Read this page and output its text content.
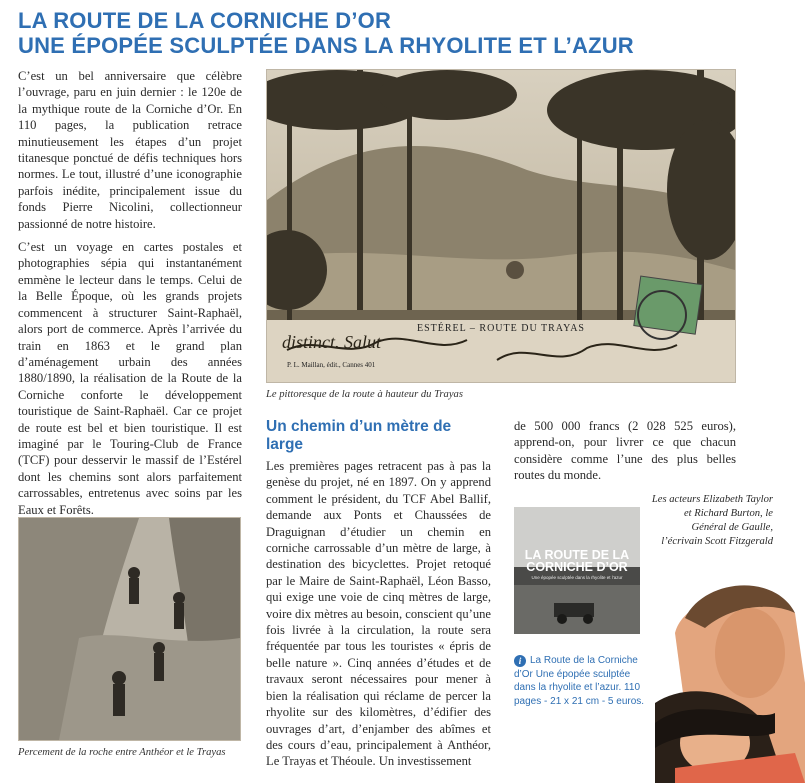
LA ROUTE DE LA CORNICHE D’OR
UNE ÉPOPÉE SCULPTÉE DANS LA RHYOLITE ET L’AZUR

C’est un bel anniversaire que célèbre l’ouvrage, paru en juin dernier : le 120e de la mythique route de la Corniche d’Or. En 110 pages, la publication retrace minutieusement les étapes d’un projet titanesque ponctué de défis techniques hors normes. Le tout, illustré d’une iconographie parfois inédite, principalement issue du fonds Pierre Nicolini, collectionneur passionné de notre histoire.

C’est un voyage en cartes postales et photographies sépia qui instantanément emmène le lecteur dans le temps. Celui de la Belle Époque, où les grands projets commencent à structurer Saint-Raphaël, alors port de commerce. Après l’arrivée du train en 1863 et le grand plan d’aménagement urbain des années 1880/1890, la réalisation de la Route de la Corniche conforte le développement touristique de Saint-Raphaël. Car ce projet de route est bel et bien touristique. Il est imaginé par le Touring-Club de France (TCF) pour desservir le massif de l’Estérel dont les chemins sont alors parfaitement carrossables, entretenus avec soins par les Eaux et Forêts.

ESTÉREL – ROUTE DU TRAYAS
P. L. Maillan, édit., Cannes 401
distinct. Salut
Le pittoresque de la route à hauteur du Trayas
Un chemin d’un mètre de large

Les premières pages retracent pas à pas la genèse du projet, né en 1897. On y apprend comment le président, du TCF Abel Ballif, demande aux Ponts et Chaussées de Draguignan d’étudier un chemin en corniche carrossable d’un mètre de large, à destination des bicyclettes. Projet retoqué par le Maire de Saint-Raphaël, Léon Basso, qui exige une voie de cinq mètres de large, voire dix mètres au besoin, conscient qu’une fois livrée à la circulation, la route sera fréquentée par tous les touristes « épris de belle nature ». Cinq années d’études et de travaux seront nécessaires pour mener à bien la réalisation qui réclame de percer la rhyolite sur des kilomètres, d’édifier des ouvrages d’art, d’enjamber des abîmes et des cours d’eau, principalement à Anthéor, Le Trayas et Théoule. Un investissement

de 500 000 francs (2 028 525 euros), apprend-on, pour livrer ce que chacun considère comme l’une des plus belles routes du monde.

Percement de la roche entre Anthéor et le Trayas
LA ROUTE DE LA
CORNICHE D’OR
Une épopée sculptée dans la rhyolite et l’azur
i La Route de la Corniche d’Or Une épopée sculptée dans la rhyolite et l’azur. 110 pages - 21 x 21 cm - 5 euros.
Les acteurs Elizabeth Taylor et Richard Burton, le Général de Gaulle, l’écrivain Scott Fitzgerald
